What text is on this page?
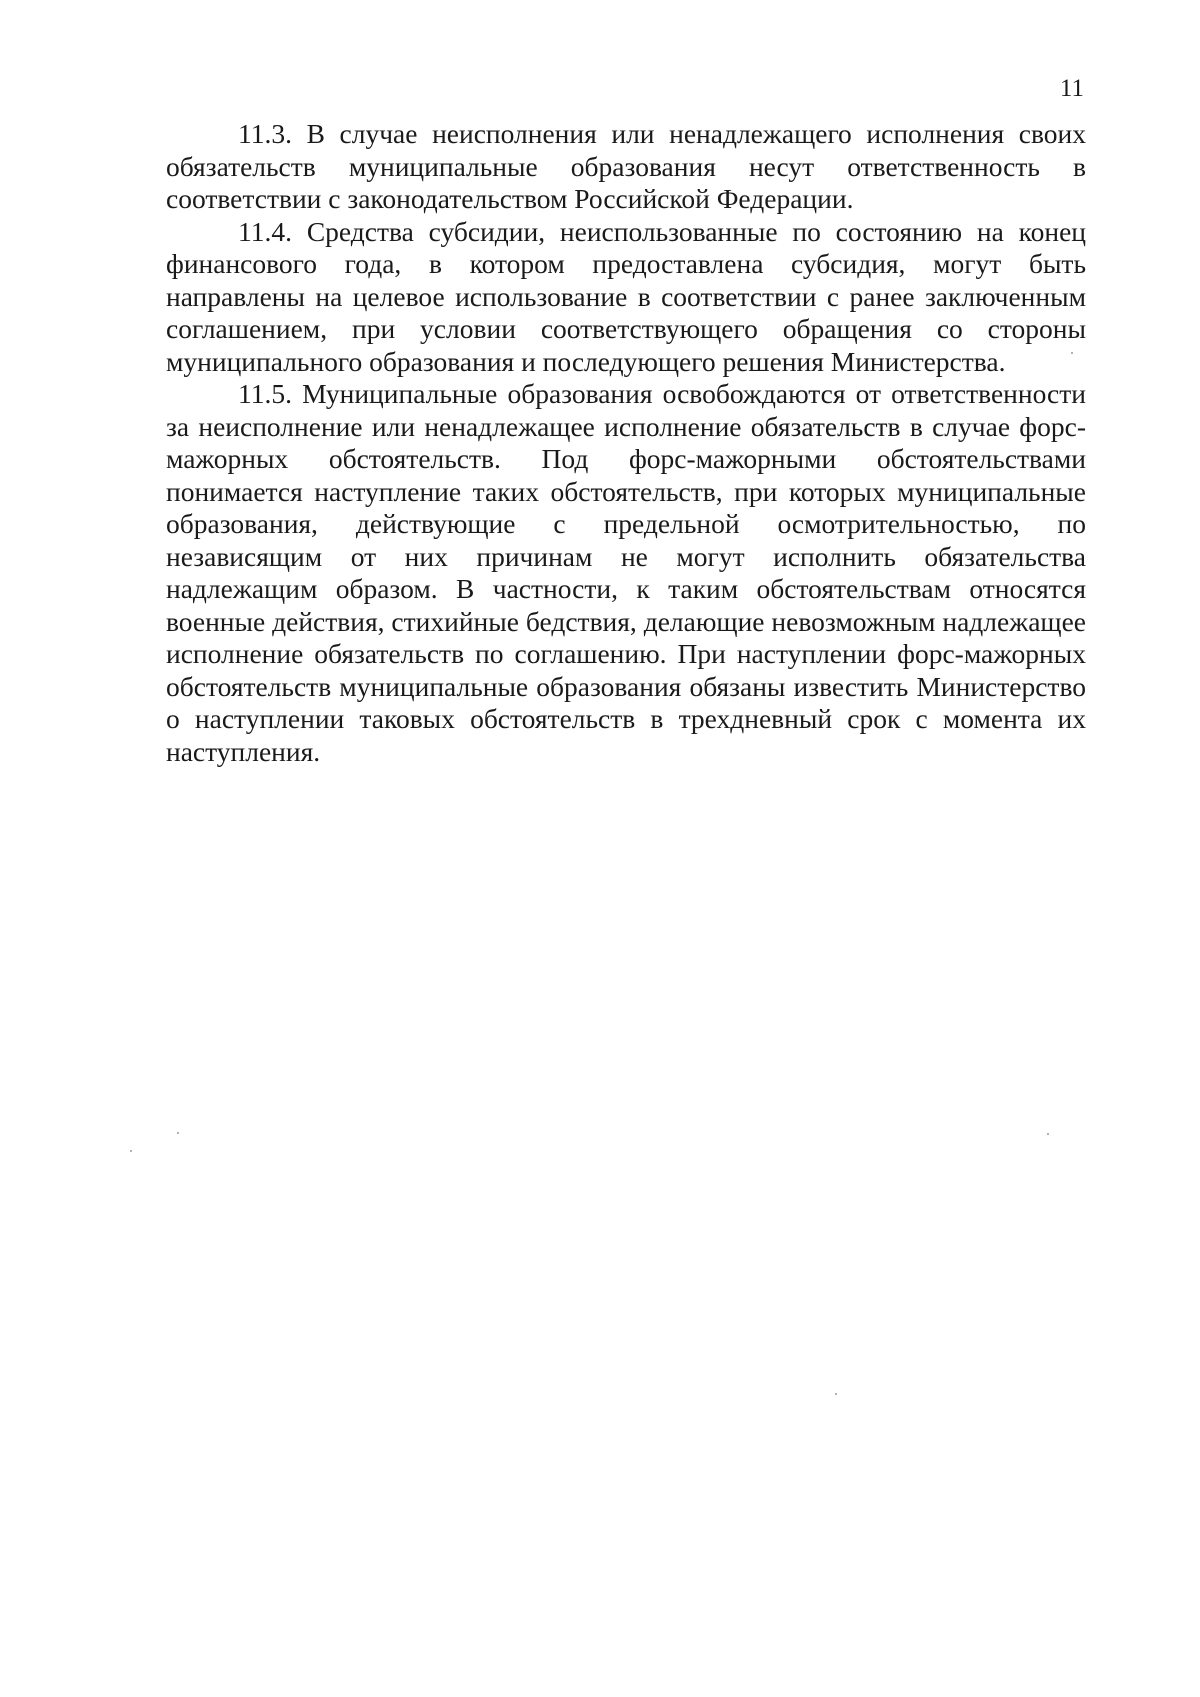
11

11.3. В случае неисполнения или ненадлежащего исполнения своих обязательств муниципальные образования несут ответственность в соответствии с законодательством Российской Федерации.

11.4. Средства субсидии, неиспользованные по состоянию на конец финансового года, в котором предоставлена субсидия, могут быть направлены на целевое использование в соответствии с ранее заключенным соглашением, при условии соответствующего обращения со стороны муниципального образования и последующего решения Министерства.

11.5. Муниципальные образования освобождаются от ответственности за неисполнение или ненадлежащее исполнение обязательств в случае форс-мажорных обстоятельств. Под форс-мажорными обстоятельствами понимается наступление таких обстоятельств, при которых муниципальные образования, действующие с предельной осмотрительностью, по независящим от них причинам не могут исполнить обязательства надлежащим образом. В частности, к таким обстоятельствам относятся военные действия, стихийные бедствия, делающие невозможным надлежащее исполнение обязательств по соглашению. При наступлении форс-мажорных обстоятельств муниципальные образования обязаны известить Министерство о наступлении таковых обстоятельств в трехдневный срок с момента их наступления.
